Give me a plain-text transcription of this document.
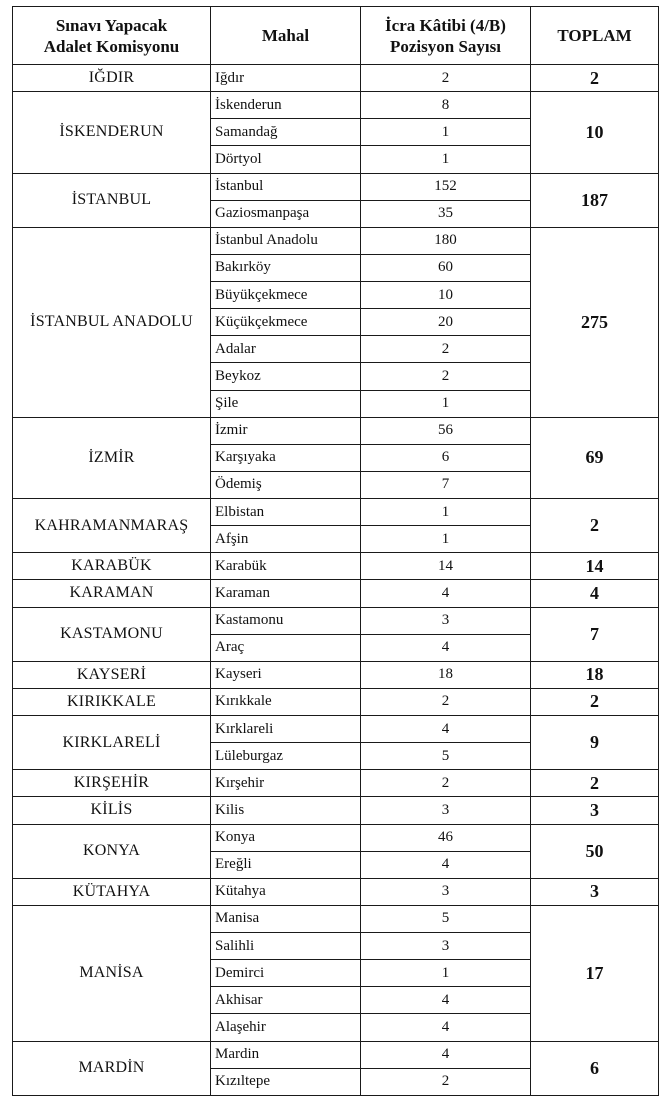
Sınavı Yapacak
Adalet Komisyonu	Mahal	İcra Kâtibi (4/B)
Pozisyon Sayısı	TOPLAM
IĞDIR	Iğdır	2	2
İSKENDERUN	İskenderun	8	10
	Samandağ	1	
	Dörtyol	1	
İSTANBUL	İstanbul	152	187
	Gaziosmanpaşa	35	
İSTANBUL ANADOLU	İstanbul Anadolu	180	275
	Bakırköy	60	
	Büyükçekmece	10	
	Küçükçekmece	20	
	Adalar	2	
	Beykoz	2	
	Şile	1	
İZMİR	İzmir	56	69
	Karşıyaka	6	
	Ödemiş	7	
KAHRAMANMARAŞ	Elbistan	1	2
	Afşin	1	
KARABÜK	Karabük	14	14
KARAMAN	Karaman	4	4
KASTAMONU	Kastamonu	3	7
	Araç	4	
KAYSERİ	Kayseri	18	18
KIRIKKALE	Kırıkkale	2	2
KIRKLARELİ	Kırklareli	4	9
	Lüleburgaz	5	
KIRŞEHİR	Kırşehir	2	2
KİLİS	Kilis	3	3
KONYA	Konya	46	50
	Ereğli	4	
KÜTAHYA	Kütahya	3	3
MANİSA	Manisa	5	17
	Salihli	3	
	Demirci	1	
	Akhisar	4	
	Alaşehir	4	
MARDİN	Mardin	4	6
	Kızıltepe	2	
